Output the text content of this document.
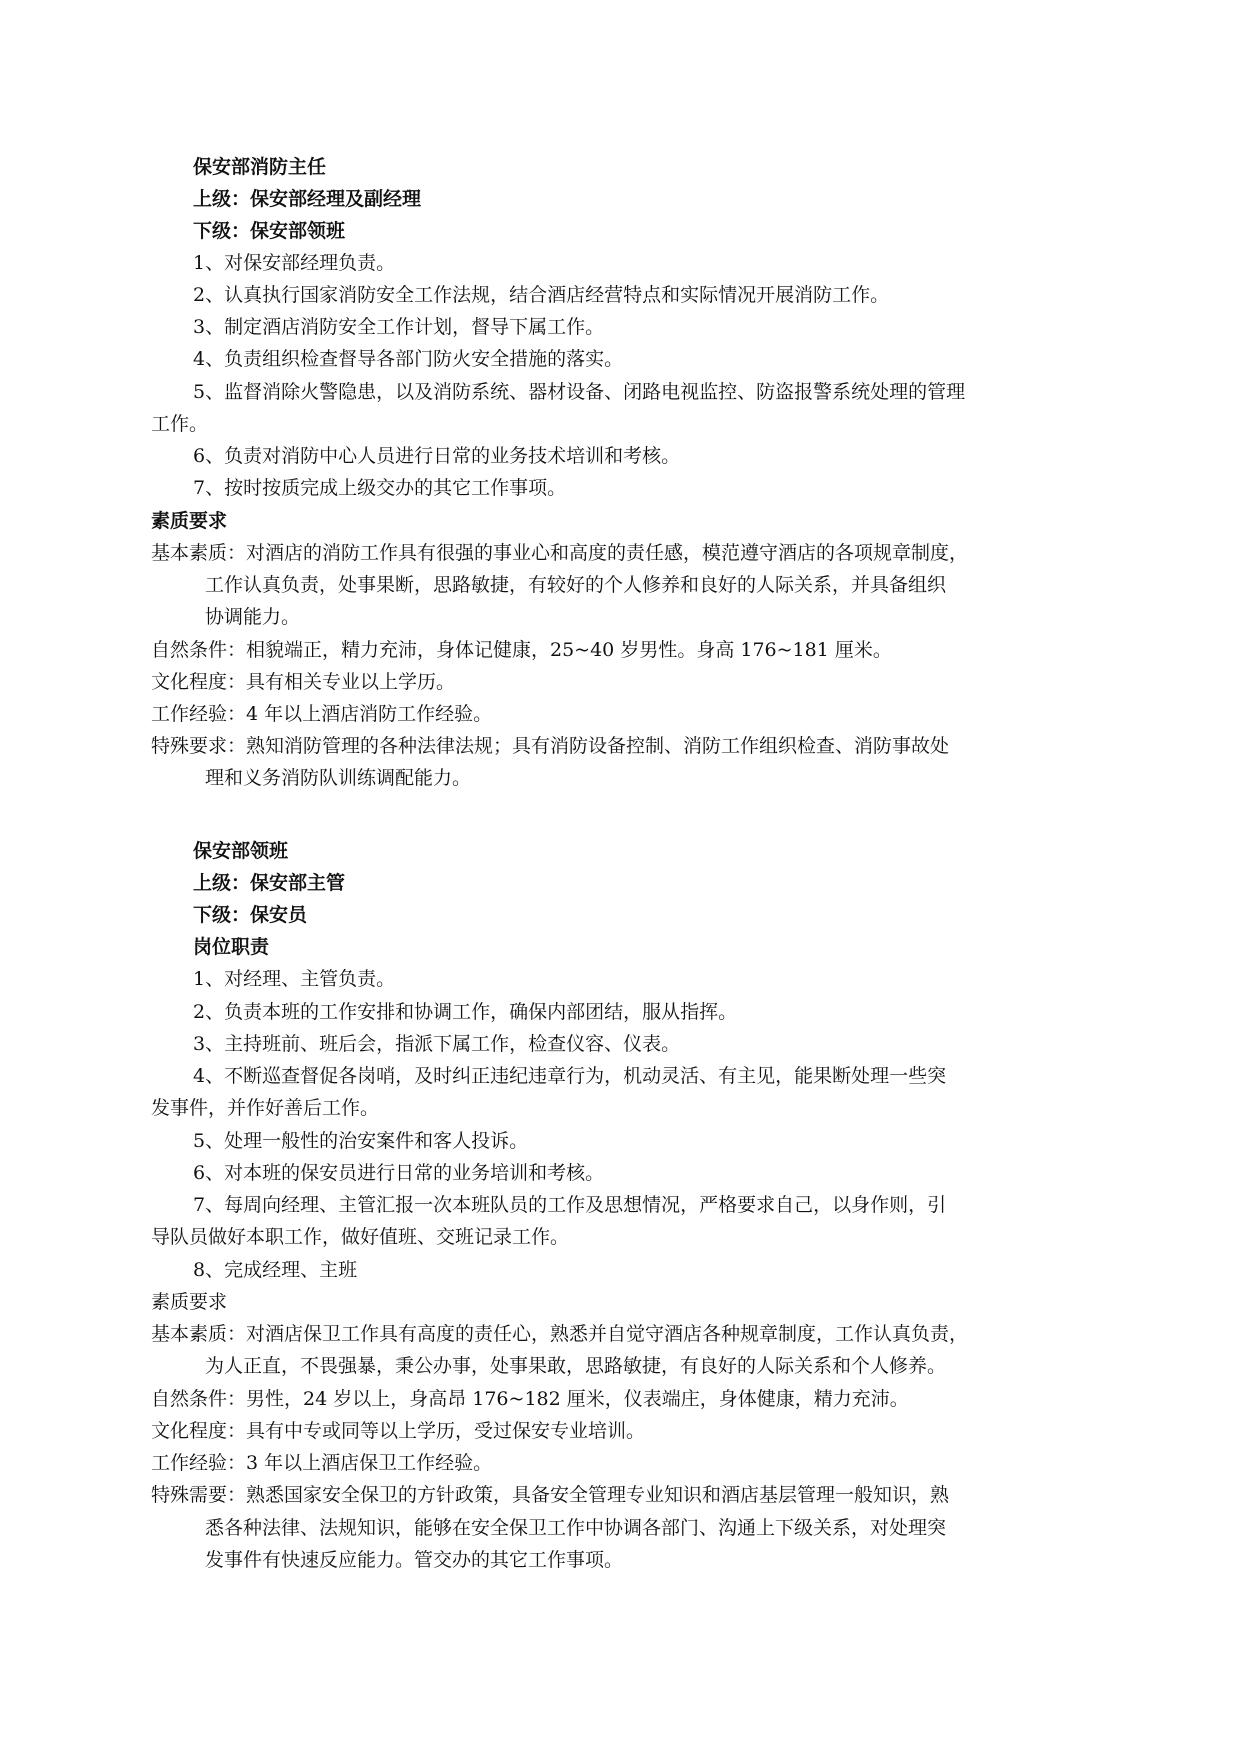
保安部消防主任
上级：保安部经理及副经理
下级：保安部领班
1、对保安部经理负责。
2、认真执行国家消防安全工作法规，结合酒店经营特点和实际情况开展消防工作。
3、制定酒店消防安全工作计划，督导下属工作。
4、负责组织检查督导各部门防火安全措施的落实。
5、监督消除火警隐患，以及消防系统、器材设备、闭路电视监控、防盗报警系统处理的管理
工作。
6、负责对消防中心人员进行日常的业务技术培训和考核。
7、按时按质完成上级交办的其它工作事项。
素质要求
基本素质：对酒店的消防工作具有很强的事业心和高度的责任感，模范遵守酒店的各项规章制度，
工作认真负责，处事果断，思路敏捷，有较好的个人修养和良好的人际关系，并具备组织
协调能力。
自然条件：相貌端正，精力充沛，身体记健康，25~40 岁男性。身高 176~181 厘米。
文化程度：具有相关专业以上学历。
工作经验：4 年以上酒店消防工作经验。
特殊要求：熟知消防管理的各种法律法规；具有消防设备控制、消防工作组织检查、消防事故处
理和义务消防队训练调配能力。
保安部领班
上级：保安部主管
下级：保安员
岗位职责
1、对经理、主管负责。
2、负责本班的工作安排和协调工作，确保内部团结，服从指挥。
3、主持班前、班后会，指派下属工作，检查仪容、仪表。
4、不断巡查督促各岗哨，及时纠正违纪违章行为，机动灵活、有主见，能果断处理一些突
发事件，并作好善后工作。
5、处理一般性的治安案件和客人投诉。
6、对本班的保安员进行日常的业务培训和考核。
7、每周向经理、主管汇报一次本班队员的工作及思想情况，严格要求自己，以身作则，引
导队员做好本职工作，做好值班、交班记录工作。
8、完成经理、主班
素质要求
基本素质：对酒店保卫工作具有高度的责任心，熟悉并自觉守酒店各种规章制度，工作认真负责，
为人正直，不畏强暴，秉公办事，处事果敢，思路敏捷，有良好的人际关系和个人修养。
自然条件：男性，24 岁以上，身高昂 176~182 厘米，仪表端庄，身体健康，精力充沛。
文化程度：具有中专或同等以上学历，受过保安专业培训。
工作经验：3 年以上酒店保卫工作经验。
特殊需要：熟悉国家安全保卫的方针政策，具备安全管理专业知识和酒店基层管理一般知识，熟
悉各种法律、法规知识，能够在安全保卫工作中协调各部门、沟通上下级关系，对处理突
发事件有快速反应能力。管交办的其它工作事项。
